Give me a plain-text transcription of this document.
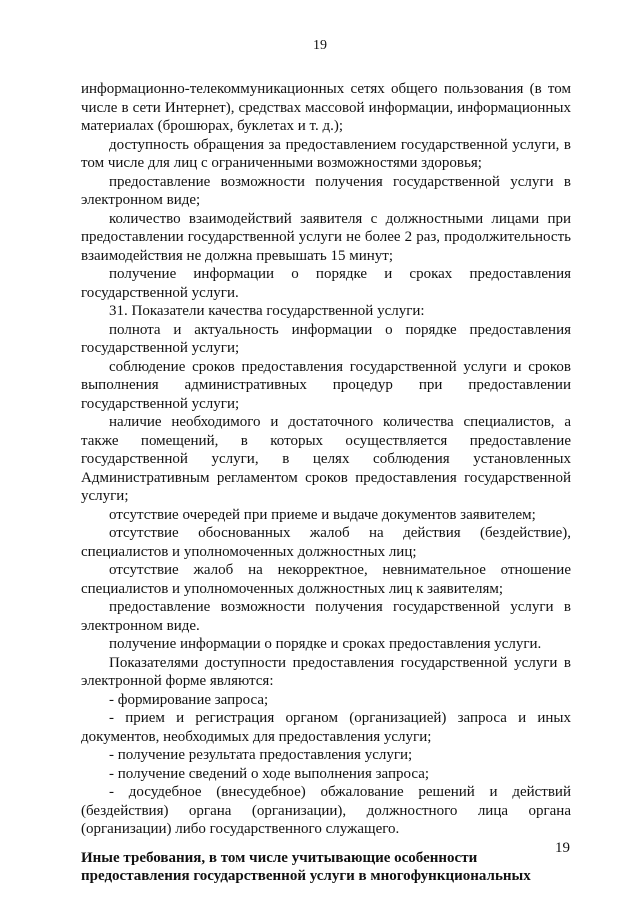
19

информационно-телекоммуникационных сетях общего пользования (в том числе в сети Интернет), средствах массовой информации, информационных материалах (брошюрах, буклетах и т. д.);

доступность обращения за предоставлением государственной услуги, в том числе для лиц с ограниченными возможностями здоровья;

предоставление возможности получения государственной услуги в электронном виде;

количество взаимодействий заявителя с должностными лицами при предоставлении государственной услуги не более 2 раз, продолжительность взаимодействия не должна превышать 15 минут;

получение информации о порядке и сроках предоставления государственной услуги.

31. Показатели качества государственной услуги:

полнота и актуальность информации о порядке предоставления государственной услуги;

соблюдение сроков предоставления государственной услуги и сроков выполнения административных процедур при предоставлении государственной услуги;

наличие необходимого и достаточного количества специалистов, а также помещений, в которых осуществляется предоставление государственной услуги, в целях соблюдения установленных Административным регламентом сроков предоставления государственной услуги;

отсутствие очередей при приеме и выдаче документов заявителем;

отсутствие обоснованных жалоб на действия (бездействие), специалистов и уполномоченных должностных лиц;

отсутствие жалоб на некорректное, невнимательное отношение специалистов и уполномоченных должностных лиц к заявителям;

предоставление возможности получения государственной услуги в электронном виде.

получение информации о порядке и сроках предоставления услуги.

Показателями доступности предоставления государственной услуги в электронной форме являются:

- формирование запроса;

- прием и регистрация органом (организацией) запроса и иных документов, необходимых для предоставления услуги;

- получение результата предоставления услуги;

- получение сведений о ходе выполнения запроса;

- досудебное (внесудебное) обжалование решений и действий (бездействия) органа (организации), должностного лица органа (организации) либо государственного служащего.

Иные требования, в том числе учитывающие особенности

предоставления государственной услуги в многофункциональных

19
